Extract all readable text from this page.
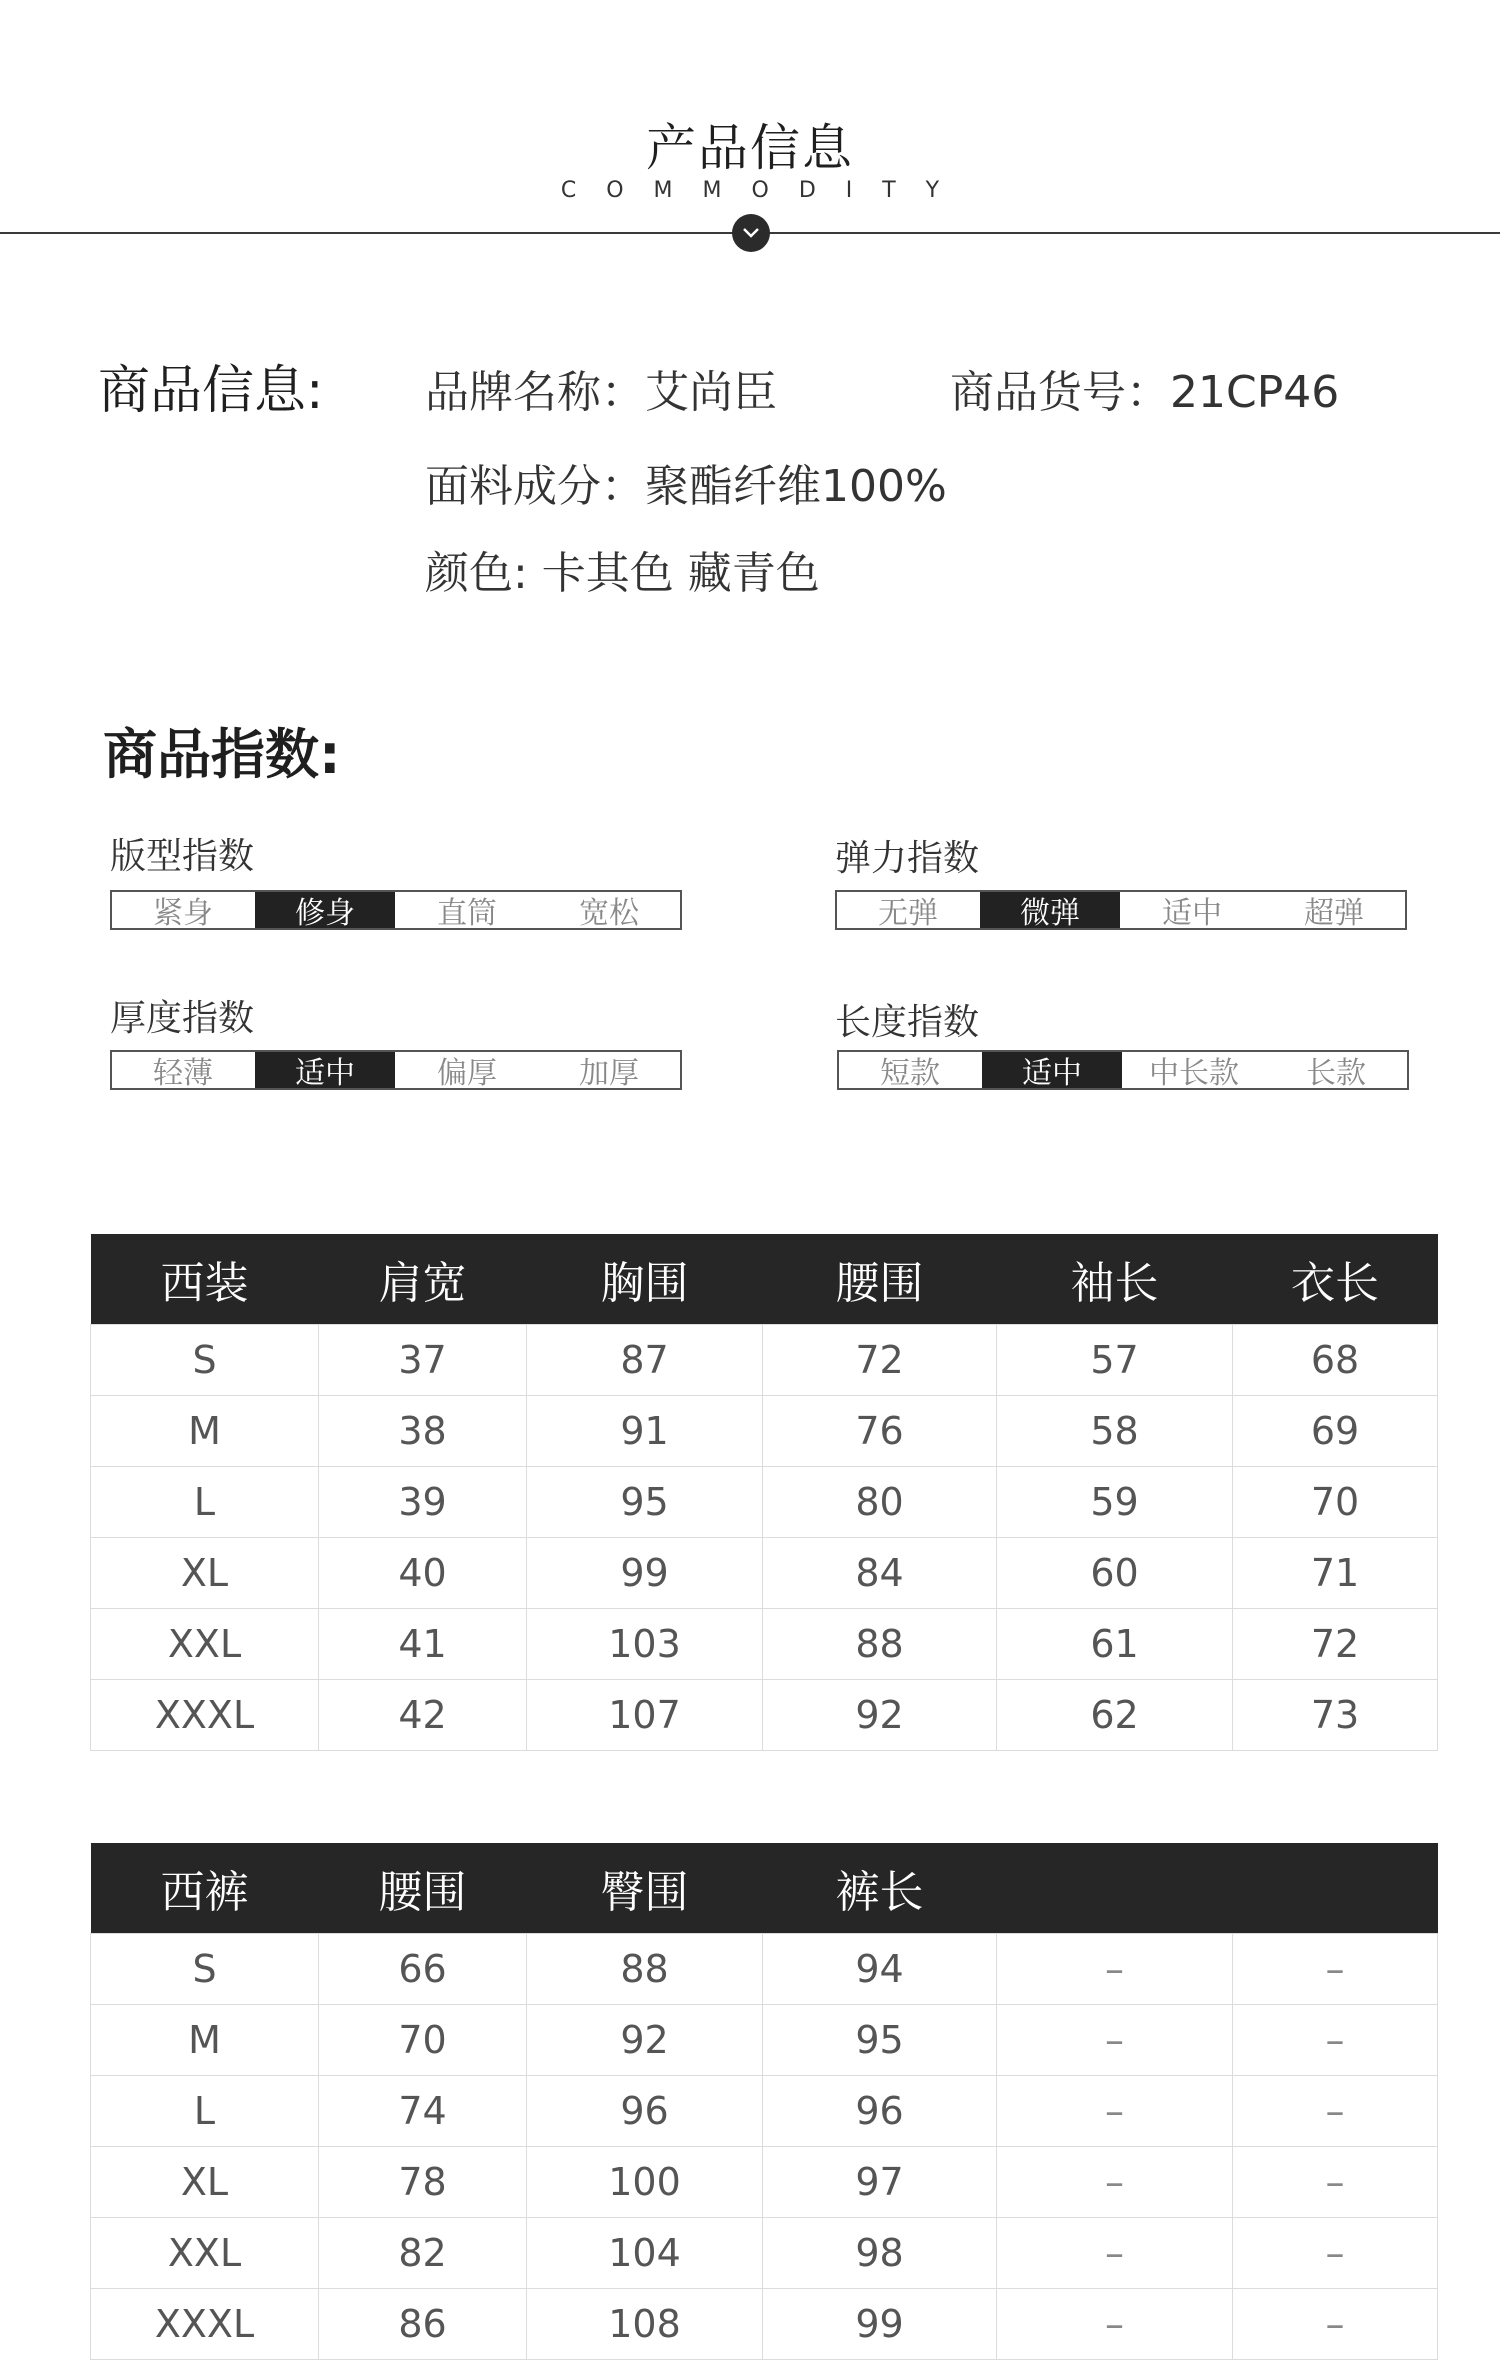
产品信息
COMMODITY
商品信息: 品牌名称：艾尚臣	商品货号：21CP46
面料成分：聚酯纤维100%
颜色: 卡其色 藏青色
商品指数:
版型指数
紧身	修身	直筒	宽松
弹力指数
无弹	微弹	适中	超弹
厚度指数
轻薄	适中	偏厚	加厚
长度指数
短款	适中	中长款	长款
西装	肩宽	胸围	腰围	袖长	衣长
S	37	87	72	57	68
M	38	91	76	58	69
L	39	95	80	59	70
XL	40	99	84	60	71
XXL	41	103	88	61	72
XXXL	42	107	92	62	73
西裤	腰围	臀围	裤长		
S	66	88	94	–	–
M	70	92	95	–	–
L	74	96	96	–	–
XL	78	100	97	–	–
XXL	82	104	98	–	–
XXXL	86	108	99	–	–
